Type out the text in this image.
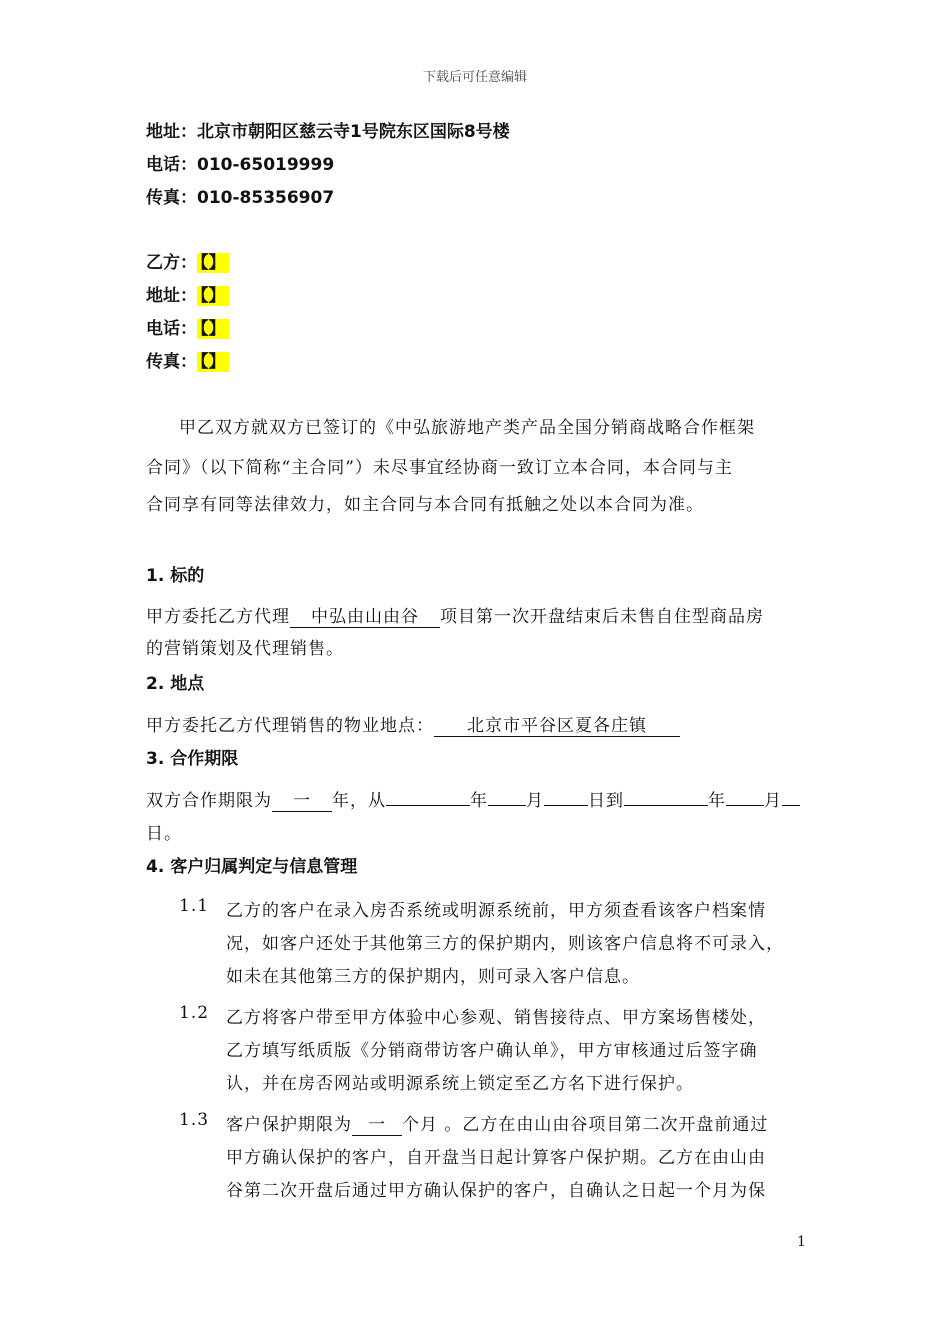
下载后可任意编辑
地址：北京市朝阳区慈云寺1号院东区国际8号楼
电话：010-65019999
传真：010-85356907
乙方： 【】
地址： 【】
电话： 【】
传真： 【】
甲乙双方就双方已签订的《中弘旅游地产类产品全国分销商战略合作框架
合同》（以下简称“主合同”）未尽事宜经协商一致订立本合同，本合同与主
合同享有同等法律效力，如主合同与本合同有抵触之处以本合同为准。
1. 标的
甲方委托乙方代理 中弘由山由谷 项目第一次开盘结束后未售自住型商品房
的营销策划及代理销售。
2. 地点
甲方委托乙方代理销售的物业地点： 北京市平谷区夏各庄镇
3. 合作期限
双方合作期限为 一 年，从	年 月	日到	年 月
日。
4. 客户归属判定与信息管理
1.1 乙方的客户在录入房否系统或明源系统前，甲方须查看该客户档案情
况，如客户还处于其他第三方的保护期内，则该客户信息将不可录入，
如未在其他第三方的保护期内，则可录入客户信息。
1.2 乙方将客户带至甲方体验中心参观、销售接待点、甲方案场售楼处，
乙方填写纸质版《分销商带访客户确认单》，甲方审核通过后签字确
认，并在房否网站或明源系统上锁定至乙方名下进行保护。
1.3 客户保护期限为 一 个月 。乙方在由山由谷项目第二次开盘前通过
甲方确认保护的客户，自开盘当日起计算客户保护期。乙方在由山由
谷第二次开盘后通过甲方确认保护的客户，自确认之日起一个月为保
1
